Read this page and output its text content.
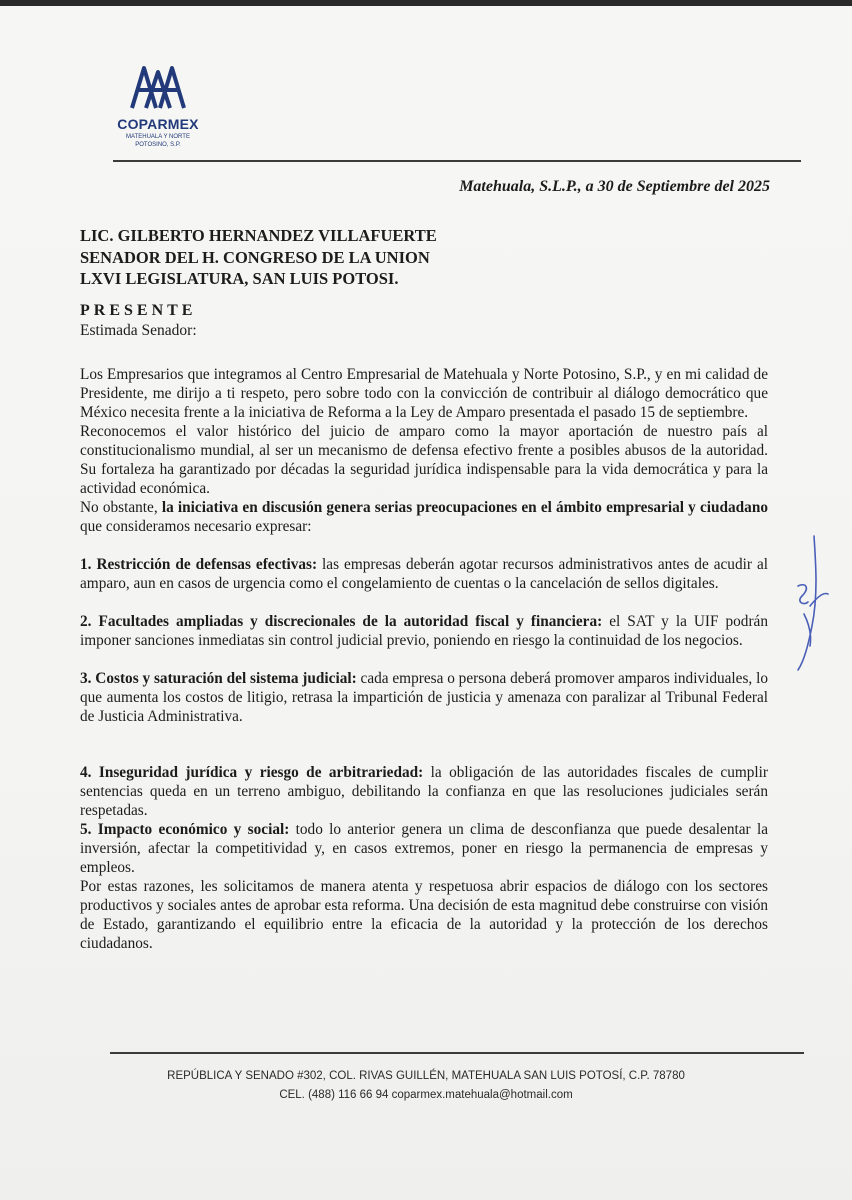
COPARMEX
MATEHUALA Y NORTE
POTOSINO, S.P.
Matehuala, S.L.P., a 30 de Septiembre del 2025
LIC. GILBERTO HERNANDEZ VILLAFUERTE
SENADOR DEL H. CONGRESO DE LA UNION
LXVI LEGISLATURA, SAN LUIS POTOSI.
PRESENTE
Estimada Senador:

Los Empresarios que integramos al Centro Empresarial de Matehuala y Norte Potosino, S.P., y en mi calidad de Presidente, me dirijo a ti respeto, pero sobre todo con la convicción de contribuir al diálogo democrático que México necesita frente a la iniciativa de Reforma a la Ley de Amparo presentada el pasado 15 de septiembre.

Reconocemos el valor histórico del juicio de amparo como la mayor aportación de nuestro país al constitucionalismo mundial, al ser un mecanismo de defensa efectivo frente a posibles abusos de la autoridad. Su fortaleza ha garantizado por décadas la seguridad jurídica indispensable para la vida democrática y para la actividad económica.

No obstante, la iniciativa en discusión genera serias preocupaciones en el ámbito empresarial y ciudadano que consideramos necesario expresar:

1. Restricción de defensas efectivas: las empresas deberán agotar recursos administrativos antes de acudir al amparo, aun en casos de urgencia como el congelamiento de cuentas o la cancelación de sellos digitales.

2. Facultades ampliadas y discrecionales de la autoridad fiscal y financiera: el SAT y la UIF podrán imponer sanciones inmediatas sin control judicial previo, poniendo en riesgo la continuidad de los negocios.

3. Costos y saturación del sistema judicial: cada empresa o persona deberá promover amparos individuales, lo que aumenta los costos de litigio, retrasa la impartición de justicia y amenaza con paralizar al Tribunal Federal de Justicia Administrativa.

4. Inseguridad jurídica y riesgo de arbitrariedad: la obligación de las autoridades fiscales de cumplir sentencias queda en un terreno ambiguo, debilitando la confianza en que las resoluciones judiciales serán respetadas.

5. Impacto económico y social: todo lo anterior genera un clima de desconfianza que puede desalentar la inversión, afectar la competitividad y, en casos extremos, poner en riesgo la permanencia de empresas y empleos.

Por estas razones, les solicitamos de manera atenta y respetuosa abrir espacios de diálogo con los sectores productivos y sociales antes de aprobar esta reforma. Una decisión de esta magnitud debe construirse con visión de Estado, garantizando el equilibrio entre la eficacia de la autoridad y la protección de los derechos ciudadanos.

REPÚBLICA Y SENADO #302, COL. RIVAS GUILLÉN, MATEHUALA SAN LUIS POTOSÍ, C.P. 78780
CEL. (488) 116 66 94 coparmex.matehuala@hotmail.com
